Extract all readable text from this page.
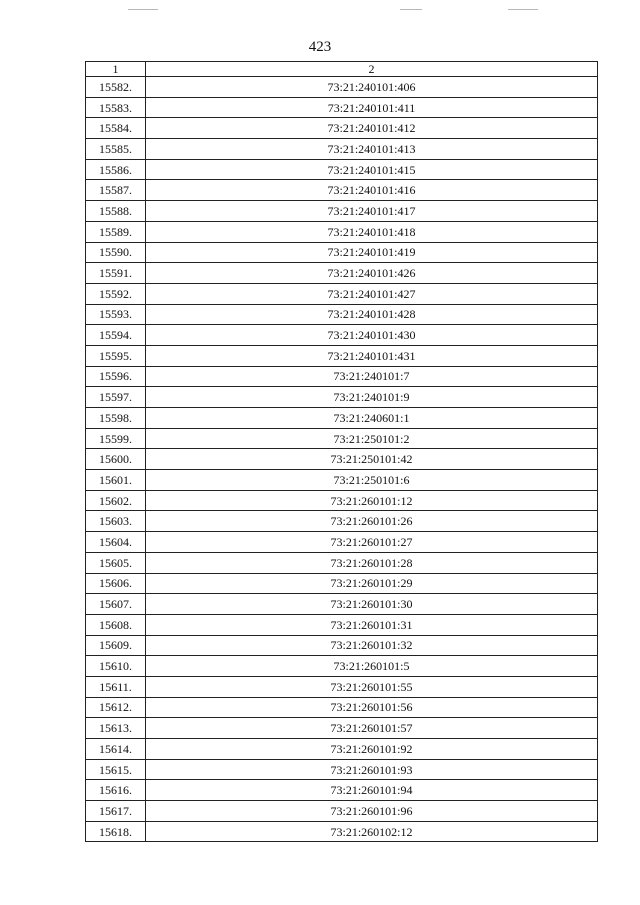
423
1	2
15582.	73:21:240101:406
15583.	73:21:240101:411
15584.	73:21:240101:412
15585.	73:21:240101:413
15586.	73:21:240101:415
15587.	73:21:240101:416
15588.	73:21:240101:417
15589.	73:21:240101:418
15590.	73:21:240101:419
15591.	73:21:240101:426
15592.	73:21:240101:427
15593.	73:21:240101:428
15594.	73:21:240101:430
15595.	73:21:240101:431
15596.	73:21:240101:7
15597.	73:21:240101:9
15598.	73:21:240601:1
15599.	73:21:250101:2
15600.	73:21:250101:42
15601.	73:21:250101:6
15602.	73:21:260101:12
15603.	73:21:260101:26
15604.	73:21:260101:27
15605.	73:21:260101:28
15606.	73:21:260101:29
15607.	73:21:260101:30
15608.	73:21:260101:31
15609.	73:21:260101:32
15610.	73:21:260101:5
15611.	73:21:260101:55
15612.	73:21:260101:56
15613.	73:21:260101:57
15614.	73:21:260101:92
15615.	73:21:260101:93
15616.	73:21:260101:94
15617.	73:21:260101:96
15618.	73:21:260102:12
